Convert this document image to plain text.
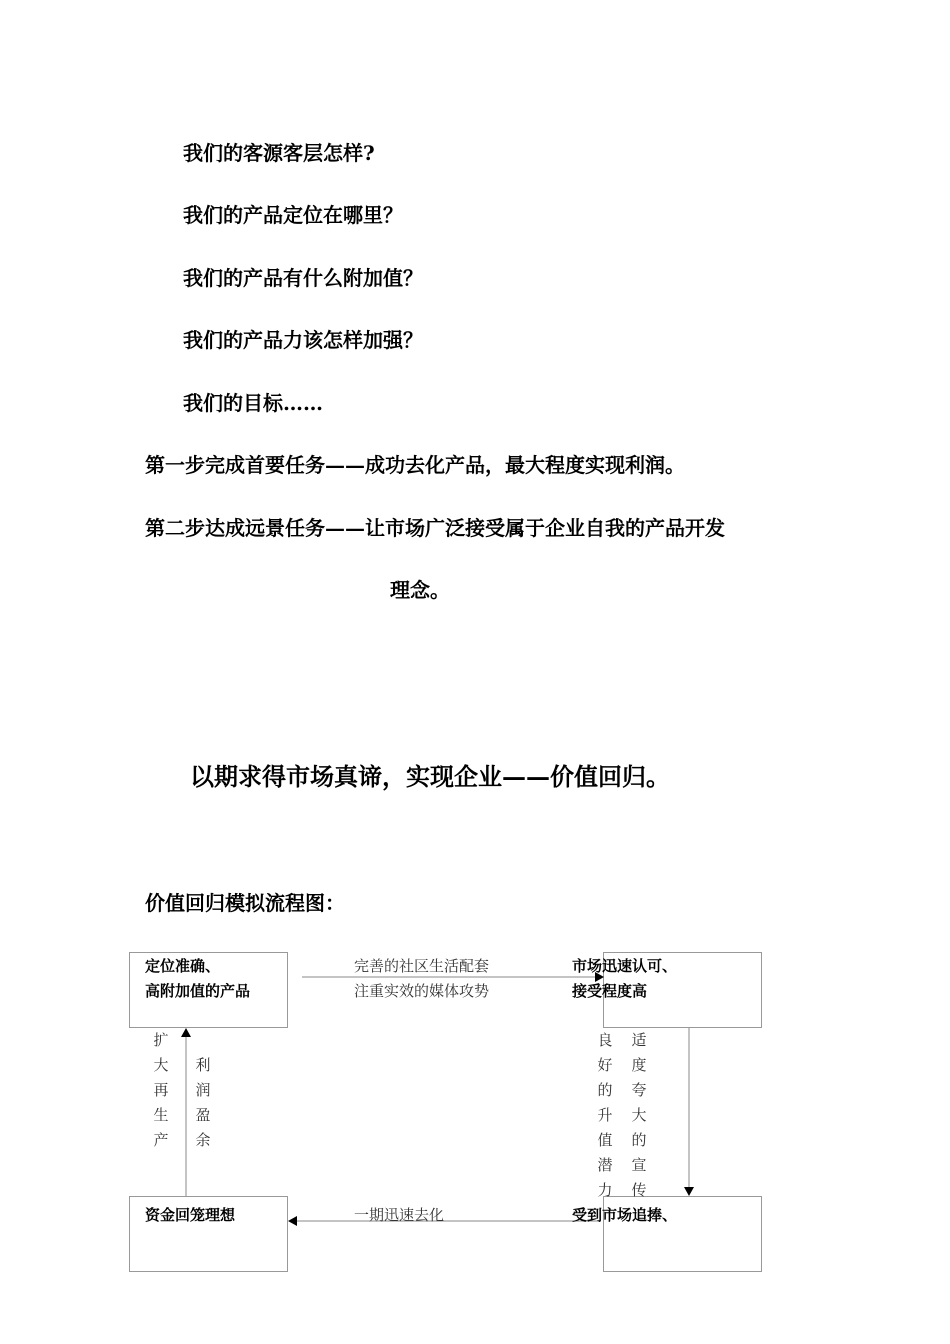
我们的客源客层怎样?
我们的产品定位在哪里？
我们的产品有什么附加值？
我们的产品力该怎样加强？
我们的目标……
第一步完成首要任务——成功去化产品，最大程度实现利润。
第二步达成远景任务——让市场广泛接受属于企业自我的产品开发
理念。
以期求得市场真谛，实现企业——价值回归。
价值回归模拟流程图：
定位准确、
高附加值的产品
市场迅速认可、
接受程度高
资金回笼理想	受到市场追捧、
完善的社区生活配套
注重实效的媒体攻势
一期迅速去化
扩
大
再
生
产
利
润
盈
余
良
好
的
升
值
潜
力
适
度
夸
大
的
宣
传
